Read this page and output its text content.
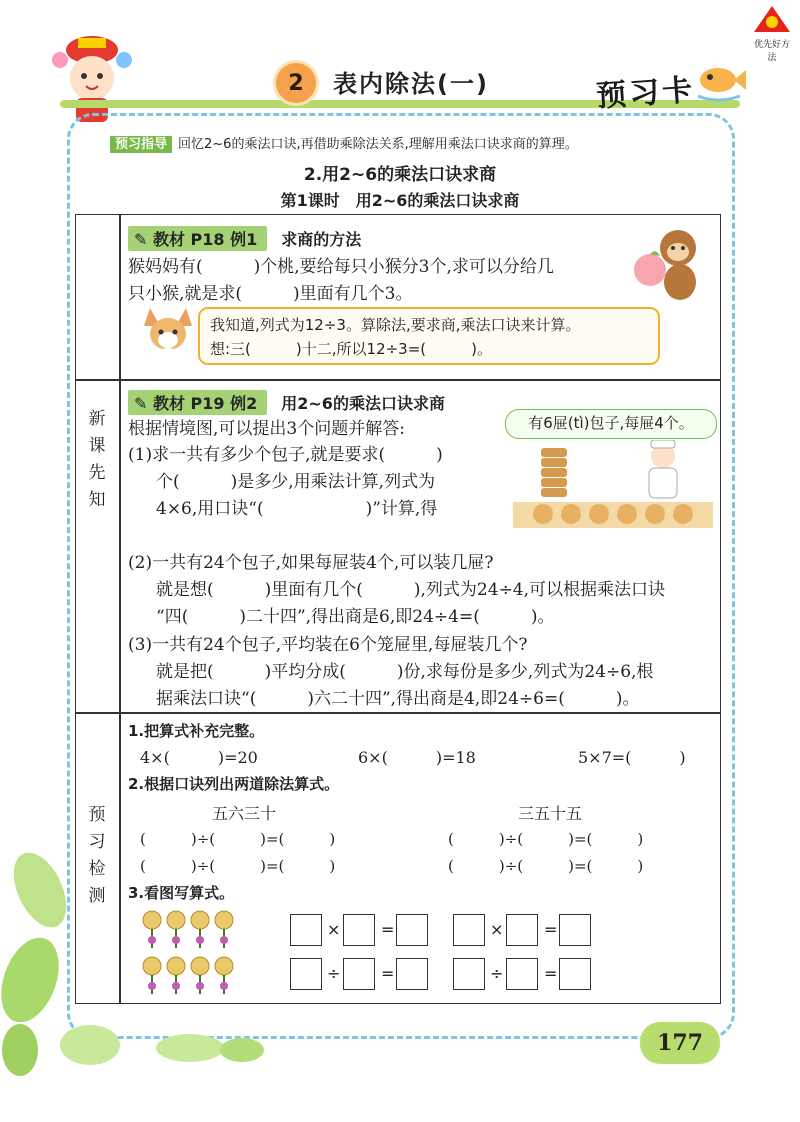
优先好方法
2	表内除法(一)	预习卡
预习指导 回忆2~6的乘法口诀,再借助乘除法关系,理解用乘法口诀求商的算理。
2.用2~6的乘法口诀求商
第1课时　用2~6的乘法口诀求商
新
课
先
知
预
习
检
测
✎ 教材 P18 例1 求商的方法
猴妈妈有(　　　)个桃,要给每只小猴分3个,求可以分给几
只小猴,就是求(　　　)里面有几个3。
我知道,列式为12÷3。算除法,要求商,乘法口诀来计算。
想:三(　　　)十二,所以12÷3=(　　　)。
✎ 教材 P19 例2 用2~6的乘法口诀求商
根据情境图,可以提出3个问题并解答:
(1)求一共有多少个包子,就是要求(　　　)
个(　　　)是多少,用乘法计算,列式为
4×6,用口诀“(　　　　　　)”计算,得
有6屉(tì)包子,每屉4个。
(2)一共有24个包子,如果每屉装4个,可以装几屉?
就是想(　　　)里面有几个(　　　),列式为24÷4,可以根据乘法口诀
“四(　　　)二十四”,得出商是6,即24÷4=(　　　)。
(3)一共有24个包子,平均装在6个笼屉里,每屉装几个?
就是把(　　　)平均分成(　　　)份,求每份是多少,列式为24÷6,根
据乘法口诀“(　　　)六二十四”,得出商是4,即24÷6=(　　　)。
1.把算式补充完整。
4×(　　　)=20	6×(　　　)=18	5×7=(　　　)
2.根据口诀列出两道除法算式。
五六三十	三五十五
(　　　)÷(　　　)=(　　　)	(　　　)÷(　　　)=(　　　)
(　　　)÷(　　　)=(　　　)	(　　　)÷(　　　)=(　　　)
3.看图写算式。
×	=	×	=
÷	=	÷	=
177
